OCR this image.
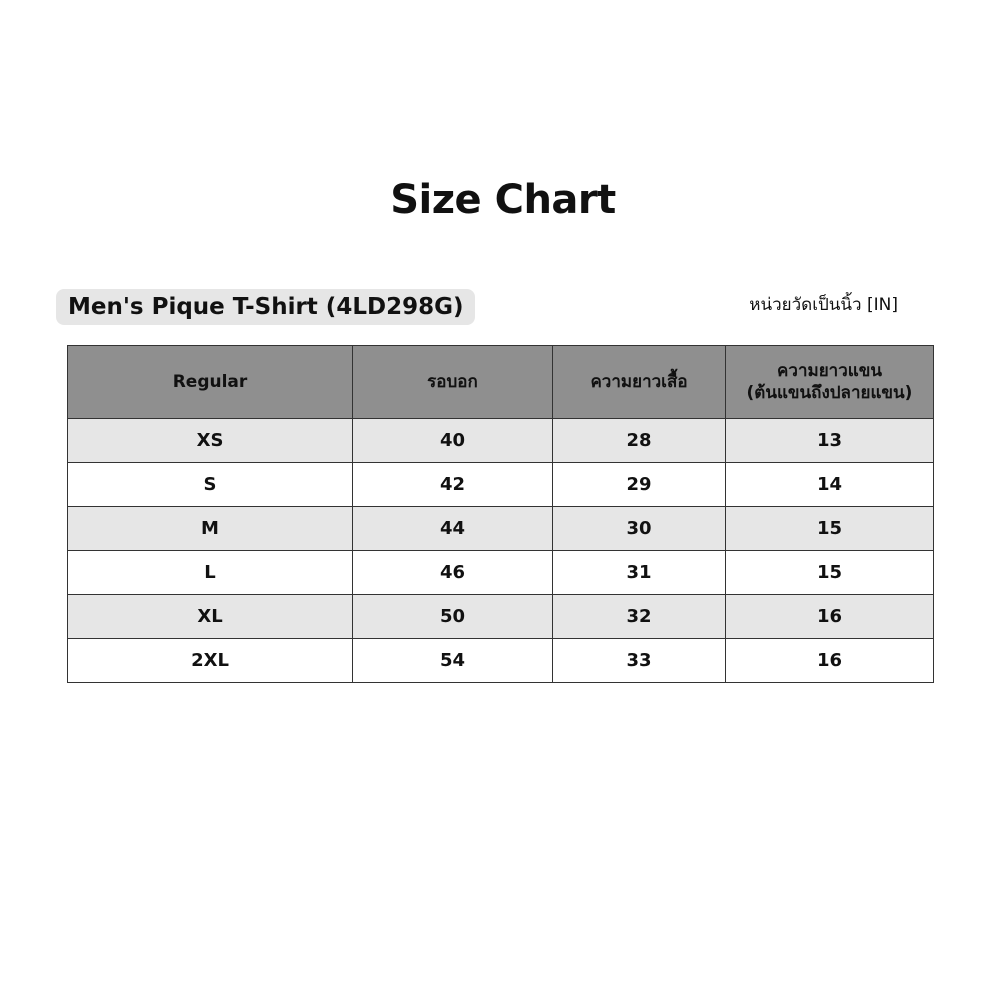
Size Chart
Men's Pique T-Shirt (4LD298G)	หน่วยวัดเป็นนิ้ว [IN]
Regular	รอบอก	ความยาวเสื้อ	ความยาวแขน
(ต้นแขนถึงปลายแขน)
XS	40	28	13
S	42	29	14
M	44	30	15
L	46	31	15
XL	50	32	16
2XL	54	33	16
